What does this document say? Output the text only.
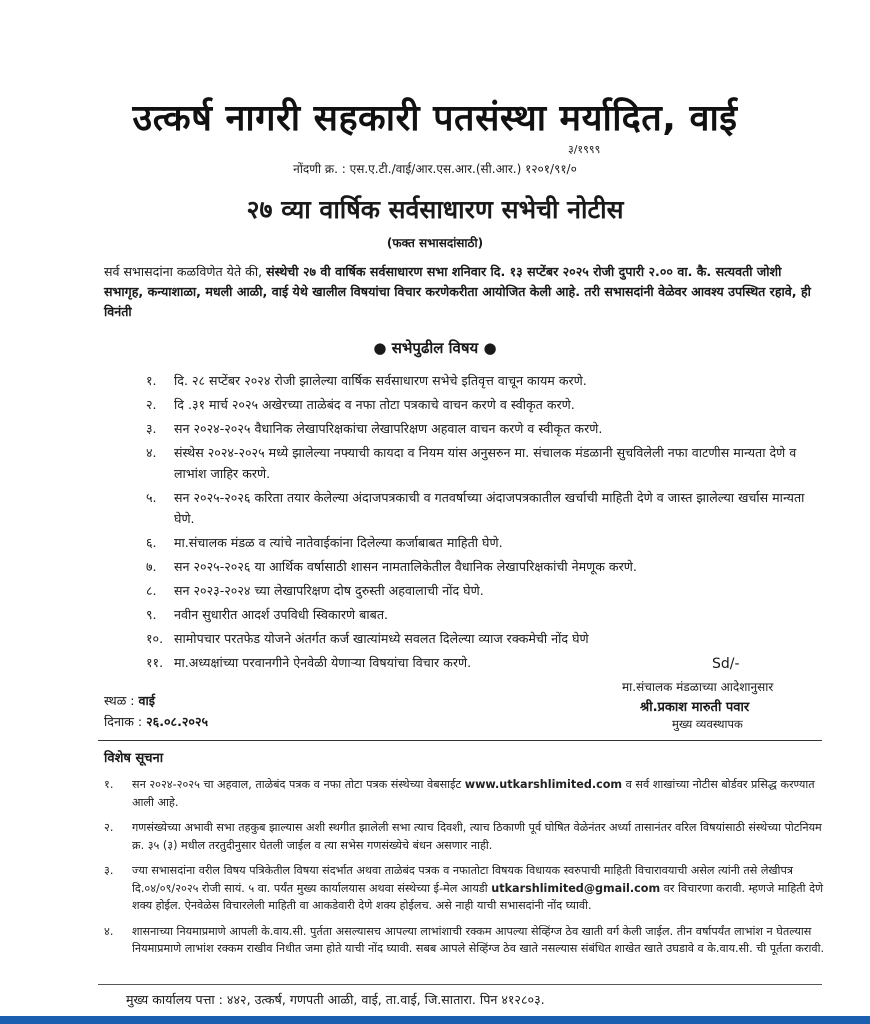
उत्कर्ष नागरी सहकारी पतसंस्था मर्यादित, वाई
३/१९९९
नोंदणी क्र. : एस.ए.टी./वाई/आर.एस.आर.(सी.आर.) १२०१/९१/०
२७ व्या वार्षिक सर्वसाधारण सभेची नोटीस
(फक्त सभासदांसाठी)
सर्व सभासदांना कळविणेत येते की, संस्थेची २७ वी वार्षिक सर्वसाधारण सभा शनिवार दि. १३ सप्टेंबर २०२५ रोजी दुपारी २.०० वा. कै. सत्यवती जोशी सभागृह, कन्याशाळा, मधली आळी, वाई येथे खालील विषयांचा विचार करणेकरीता आयोजित केली आहे. तरी सभासदांनी वेळेवर आवश्य उपस्थित रहावे, ही विनंती
● सभेपुढील विषय ●
१.	दि. २८ सप्टेंबर २०२४ रोजी झालेल्या वार्षिक सर्वसाधारण सभेचे इतिवृत्त वाचून कायम करणे.
२.	दि .३१ मार्च २०२५ अखेरच्या ताळेबंद व नफा तोटा पत्रकाचे वाचन करणे व स्वीकृत करणे.
३.	सन २०२४-२०२५ वैधानिक लेखापरिक्षकांचा लेखापरिक्षण अहवाल वाचन करणे व स्वीकृत करणे.
४.	संस्थेस २०२४-२०२५ मध्ये झालेल्या नफ्याची कायदा व नियम यांस अनुसरुन मा. संचालक मंडळानी सुचविलेली नफा वाटणीस मान्यता देणे व लाभांश जाहिर करणे.
५.	सन २०२५-२०२६ करिता तयार केलेल्या अंदाजपत्रकाची व गतवर्षाच्या अंदाजपत्रकातील खर्चाची माहिती देणे व जास्त झालेल्या खर्चास मान्यता घेणे.
६.	मा.संचालक मंडळ व त्यांचे नातेवाईकांना दिलेल्या कर्जाबाबत माहिती घेणे.
७.	सन २०२५-२०२६ या आर्थिक वर्षासाठी शासन नामतालिकेतील वैधानिक लेखापरिक्षकांची नेमणूक करणे.
८.	सन २०२३-२०२४ च्या लेखापरिक्षण दोष दुरुस्ती अहवालाची नोंद घेणे.
९.	नवीन सुधारीत आदर्श उपविधी स्विकारणे बाबत.
१०. सामोपचार परतफेड योजने अंतर्गत कर्ज खात्यांमध्ये सवलत दिलेल्या व्याज रक्कमेची नोंद घेणे
११. मा.अध्यक्षांच्या परवानगीने ऐनवेळी येणाऱ्या विषयांचा विचार करणे.	Sd/-
मा.संचालक मंडळाच्या आदेशानुसार
श्री.प्रकाश मारुती पवार
मुख्य व्यवस्थापक
स्थळ : वाई
दिनाक : २६.०८.२०२५
विशेष सूचना
१.	सन २०२४-२०२५ चा अहवाल, ताळेबंद पत्रक व नफा तोटा पत्रक संस्थेच्या वेबसाईट www.utkarshlimited.com व सर्व शाखांच्या नोटीस बोर्डवर प्रसिद्ध करण्यात आली आहे.
२.	गणसंख्येच्या अभावी सभा तहकुब झाल्यास अशी स्थगीत झालेली सभा त्याच दिवशी, त्याच ठिकाणी पूर्व घोषित वेळेनंतर अर्ध्या तासानंतर वरिल विषयांसाठी संस्थेच्या पोटनियम क्र. ३५ (३) मधील तरतुदीनुसार घेतली जाईल व त्या सभेस गणसंख्येचे बंधन असणार नाही.
३.	ज्या सभासदांना वरील विषय पत्रिकेतील विषया संदर्भात अथवा ताळेबंद पत्रक व नफातोटा विषयक विधायक स्वरुपाची माहिती विचारावयाची असेल त्यांनी तसे लेखीपत्र दि.०४/०९/२०२५ रोजी सायं. ५ वा. पर्यंत मुख्य कार्यालयास अथवा संस्थेच्या ई-मेल आयडी utkarshlimited@gmail.com वर विचारणा करावी. म्हणजे माहिती देणे शक्य होईल. ऐनवेळेस विचारलेली माहिती वा आकडेवारी देणे शक्य होईलच. असे नाही याची सभासदांनी नोंद घ्यावी.
४.	शासनाच्या नियमाप्रमाणे आपली के.वाय.सी. पुर्तता असल्यासच आपल्या लाभांशाची रक्कम आपल्या सेव्हिंग्ज ठेव खाती वर्ग केली जाईल. तीन वर्षापर्यंत लाभांश न घेतल्यास नियमाप्रमाणे लाभांश रक्कम राखीव निधीत जमा होते याची नोंद घ्यावी. सबब आपले सेव्हिंग्ज ठेव खाते नसल्यास संबंधित शाखेत खाते उघडावे व के.वाय.सी. ची पूर्तता करावी.
मुख्य कार्यालय पत्ता : ४४२, उत्कर्ष, गणपती आळी, वाई, ता.वाई, जि.सातारा. पिन ४१२८०३.
